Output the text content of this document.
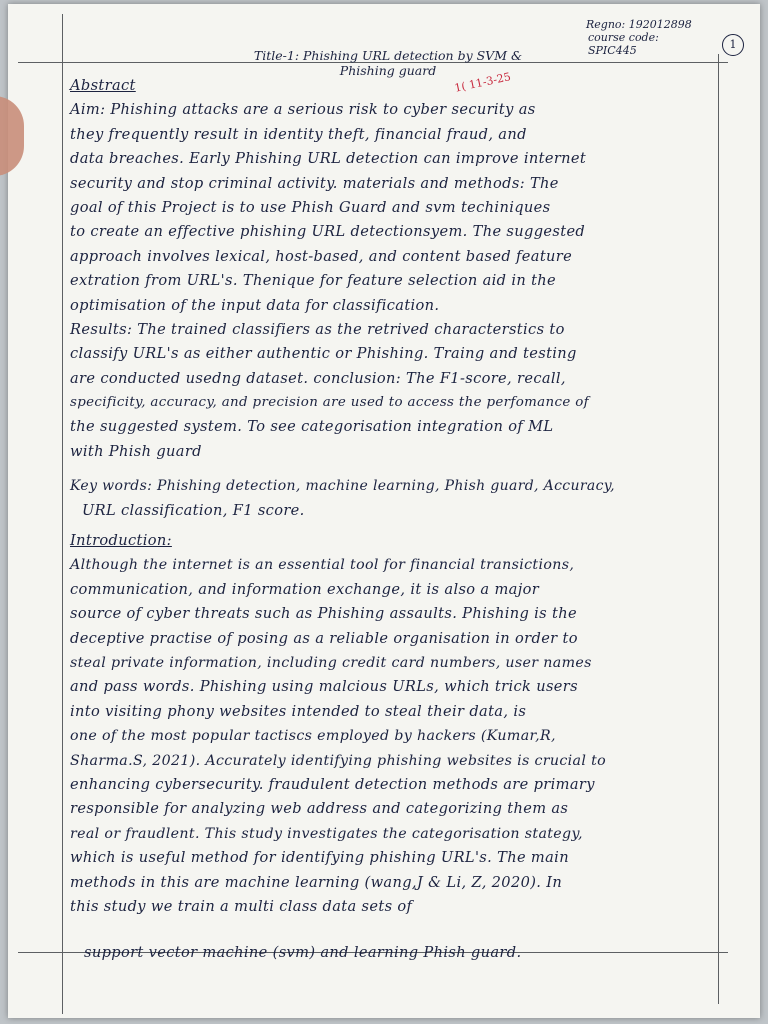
Regno: 192012898
course code:
SPIC445	1
Title-1: Phishing URL detection by SVM &
Phishing guard	1( 11-3-25
Abstract
Aim: Phishing attacks are a serious risk to cyber security as
they frequently result in identity theft, financial fraud, and
data breaches. Early Phishing URL detection can improve internet
security and stop criminal activity. materials and methods: The
goal of this Project is to use Phish Guard and svm techiniques
to create an effective phishing URL detectionsyem. The suggested
approach involves lexical, host-based, and content based feature
extration from URL's. Thenique for feature selection aid in the
optimisation of the input data for classification.
Results: The trained classifiers as the retrived characterstics to
classify URL's as either authentic or Phishing. Traing and testing
are conducted usedng dataset. conclusion: The F1-score, recall,
specificity, accuracy, and precision are used to access the perfomance of
the suggested system. To see categorisation integration of ML
with Phish guard
Key words: Phishing detection, machine learning, Phish guard, Accuracy,
URL classification, F1 score.
Introduction:
Although the internet is an essential tool for financial transictions,
communication, and information exchange, it is also a major
source of cyber threats such as Phishing assaults. Phishing is the
deceptive practise of posing as a reliable organisation in order to
steal private information, including credit card numbers, user names
and pass words. Phishing using malcious URLs, which trick users
into visiting phony websites intended to steal their data, is
one of the most popular tactiscs employed by hackers (Kumar,R,
Sharma.S, 2021). Accurately identifying phishing websites is crucial to
enhancing cybersecurity. fraudulent detection methods are primary
responsible for analyzing web address and categorizing them as
real or fraudlent. This study investigates the categorisation stategy,
which is useful method for identifying phishing URL's. The main
methods in this are machine learning (wang,J & Li, Z, 2020). In
this study we train a multi class data sets of
support vector machine (svm) and learning Phish guard.
